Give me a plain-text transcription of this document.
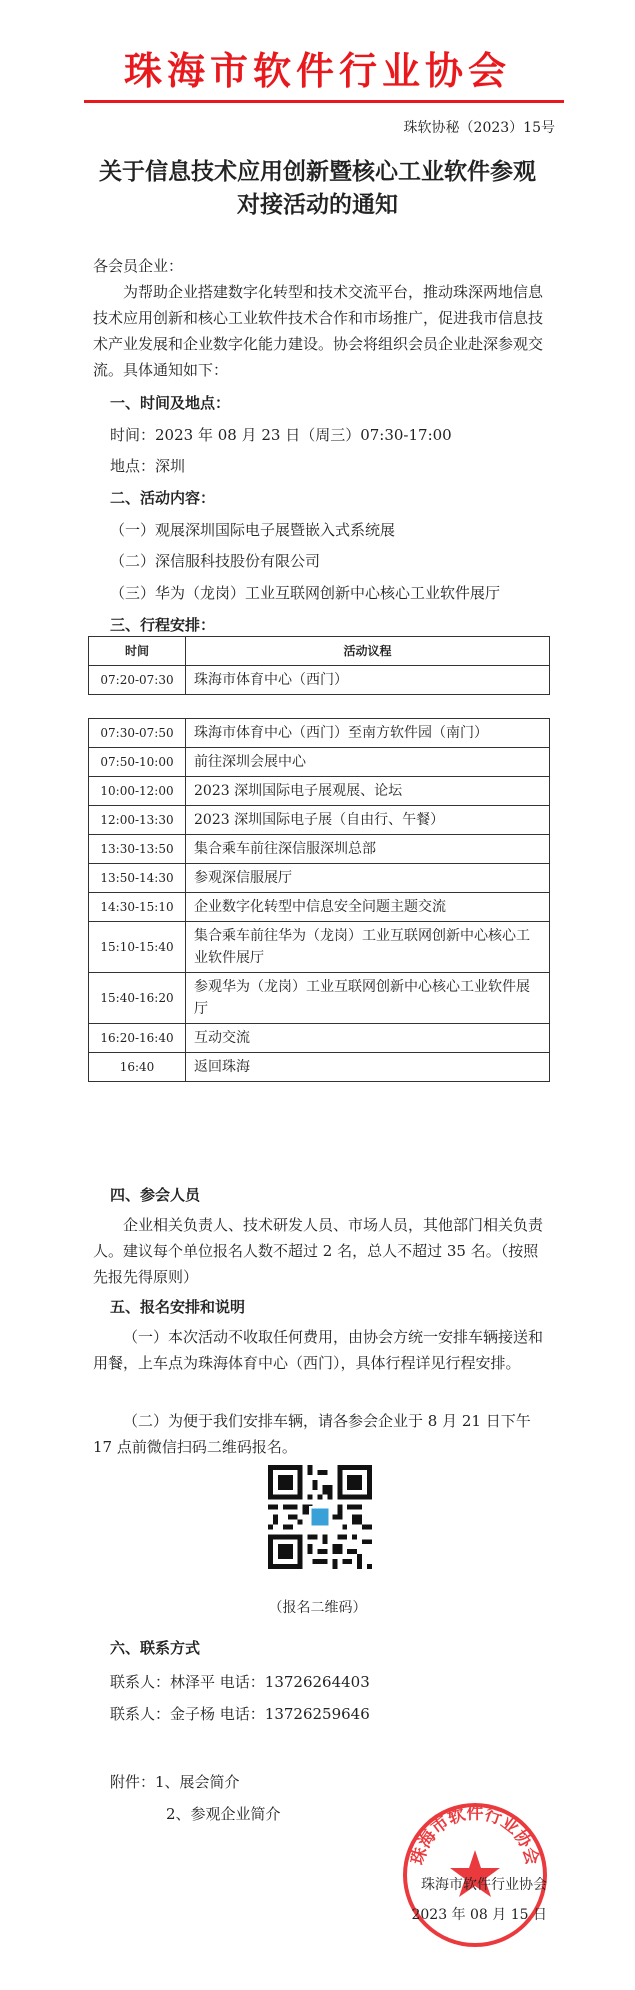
珠海市软件行业协会
珠软协秘（2023）15号
关于信息技术应用创新暨核心工业软件参观
对接活动的通知
各会员企业：
为帮助企业搭建数字化转型和技术交流平台，推动珠深两地信息技术应用创新和核心工业软件技术合作和市场推广，促进我市信息技术产业发展和企业数字化能力建设。协会将组织会员企业赴深参观交流。具体通知如下：
一、时间及地点：
时间：2023 年 08 月 23 日（周三）07:30-17:00
地点：深圳
二、活动内容：
（一）观展深圳国际电子展暨嵌入式系统展
（二）深信服科技股份有限公司
（三）华为（龙岗）工业互联网创新中心核心工业软件展厅
三、行程安排：
时间	活动议程
07:20-07:30	珠海市体育中心（西门）
07:30-07:50	珠海市体育中心（西门）至南方软件园（南门）
07:50-10:00	前往深圳会展中心
10:00-12:00	2023 深圳国际电子展观展、论坛
12:00-13:30	2023 深圳国际电子展（自由行、午餐）
13:30-13:50	集合乘车前往深信服深圳总部
13:50-14:30	参观深信服展厅
14:30-15:10	企业数字化转型中信息安全问题主题交流
15:10-15:40	集合乘车前往华为（龙岗）工业互联网创新中心核心工业软件展厅
15:40-16:20	参观华为（龙岗）工业互联网创新中心核心工业软件展厅
16:20-16:40	互动交流
16:40	返回珠海
四、参会人员
企业相关负责人、技术研发人员、市场人员，其他部门相关负责人。建议每个单位报名人数不超过 2 名，总人不超过 35 名。（按照先报先得原则）
五、报名安排和说明
（一）本次活动不收取任何费用，由协会方统一安排车辆接送和用餐，上车点为珠海体育中心（西门），具体行程详见行程安排。
（二）为便于我们安排车辆，请各参会企业于 8 月 21 日下午 17 点前微信扫码二维码报名。
（报名二维码）
六、联系方式
联系人：林泽平 电话：13726264403
联系人：金子杨 电话：13726259646
附件：1、展会简介
2、参观企业简介
珠海市软件行业协会
珠海市软件行业协会
2023 年 08 月 15 日
